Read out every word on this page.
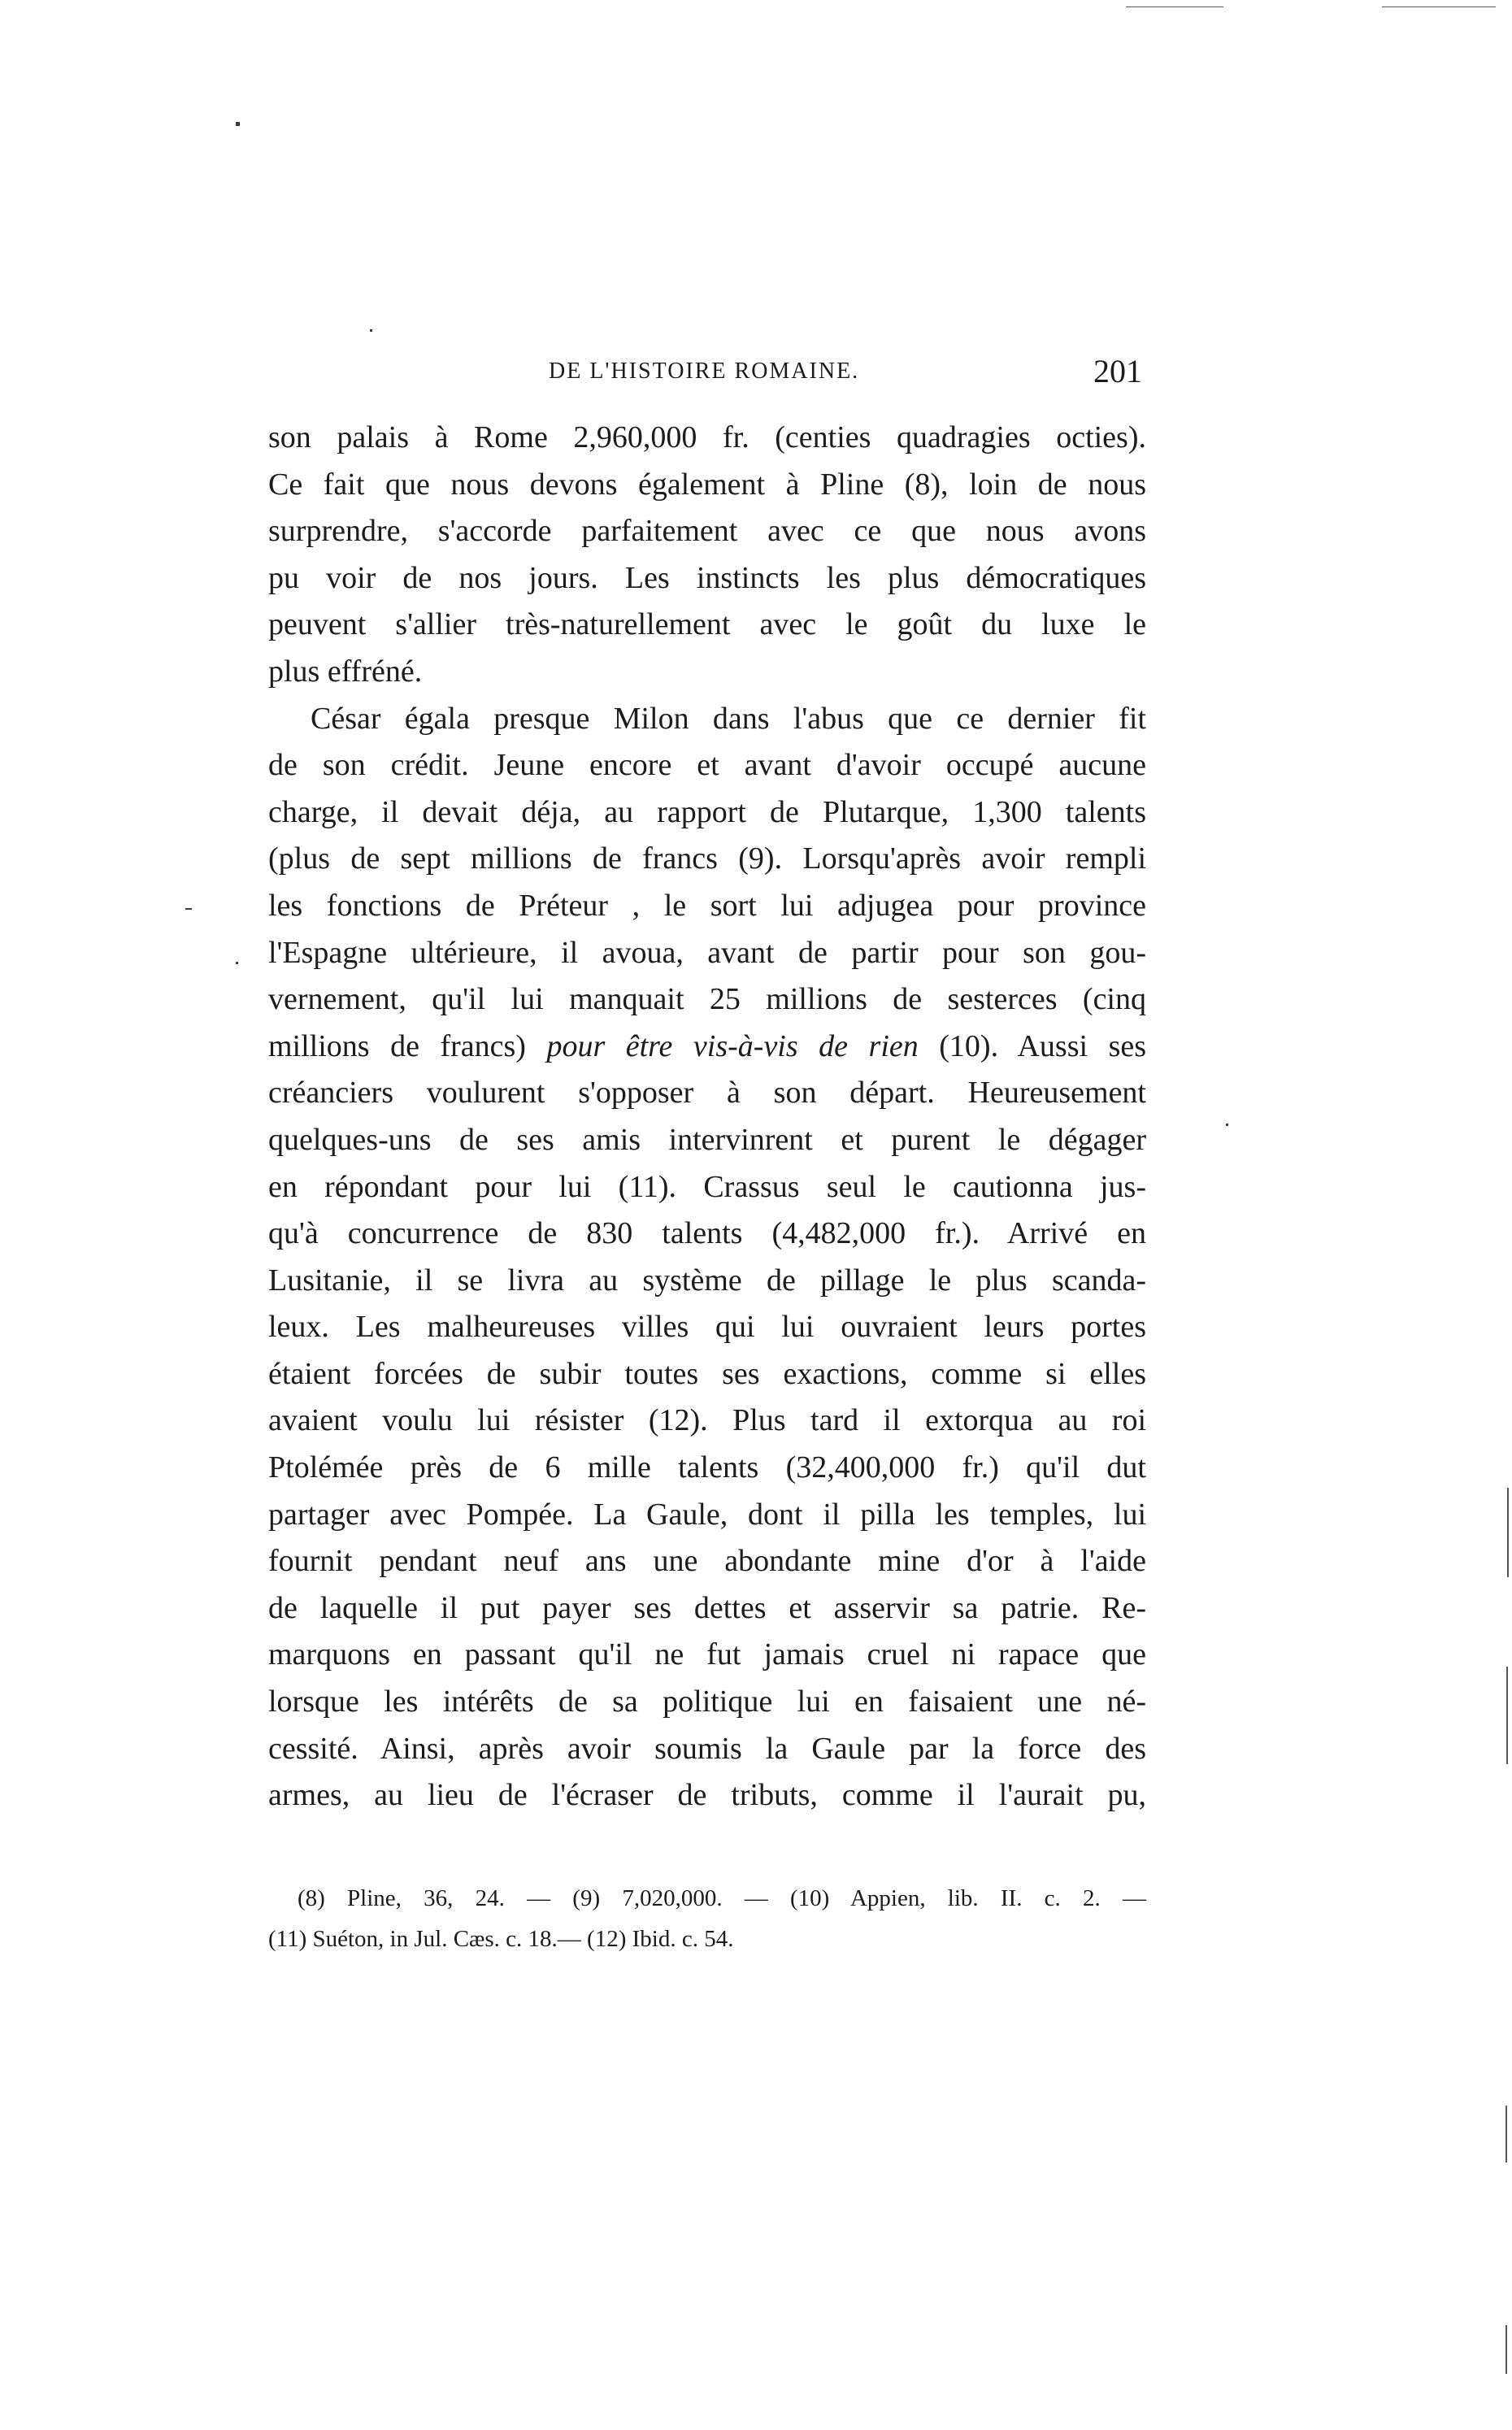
DE L'HISTOIRE ROMAINE.	201
son palais à Rome 2,960,000 fr. (centies quadragies octies).
Ce fait que nous devons également à Pline (8), loin de nous
surprendre, s'accorde parfaitement avec ce que nous avons
pu voir de nos jours. Les instincts les plus démocratiques
peuvent s'allier très-naturellement avec le goût du luxe le
plus effréné.
César égala presque Milon dans l'abus que ce dernier fit
de son crédit. Jeune encore et avant d'avoir occupé aucune
charge, il devait déja, au rapport de Plutarque, 1,300 talents
(plus de sept millions de francs (9). Lorsqu'après avoir rempli
les fonctions de Préteur , le sort lui adjugea pour province
l'Espagne ultérieure, il avoua, avant de partir pour son gou-
vernement, qu'il lui manquait 25 millions de sesterces (cinq
millions de francs) pour être vis-à-vis de rien (10). Aussi ses
créanciers voulurent s'opposer à son départ. Heureusement
quelques-uns de ses amis intervinrent et purent le dégager
en répondant pour lui (11). Crassus seul le cautionna jus-
qu'à concurrence de 830 talents (4,482,000 fr.). Arrivé en
Lusitanie, il se livra au système de pillage le plus scanda-
leux. Les malheureuses villes qui lui ouvraient leurs portes
étaient forcées de subir toutes ses exactions, comme si elles
avaient voulu lui résister (12). Plus tard il extorqua au roi
Ptolémée près de 6 mille talents (32,400,000 fr.) qu'il dut
partager avec Pompée. La Gaule, dont il pilla les temples, lui
fournit pendant neuf ans une abondante mine d'or à l'aide
de laquelle il put payer ses dettes et asservir sa patrie. Re-
marquons en passant qu'il ne fut jamais cruel ni rapace que
lorsque les intérêts de sa politique lui en faisaient une né-
cessité. Ainsi, après avoir soumis la Gaule par la force des
armes, au lieu de l'écraser de tributs, comme il l'aurait pu,
(8) Pline, 36, 24. — (9) 7,020,000. — (10) Appien, lib. II. c. 2. —
(11) Suéton, in Jul. Cæs. c. 18.— (12) Ibid. c. 54.
